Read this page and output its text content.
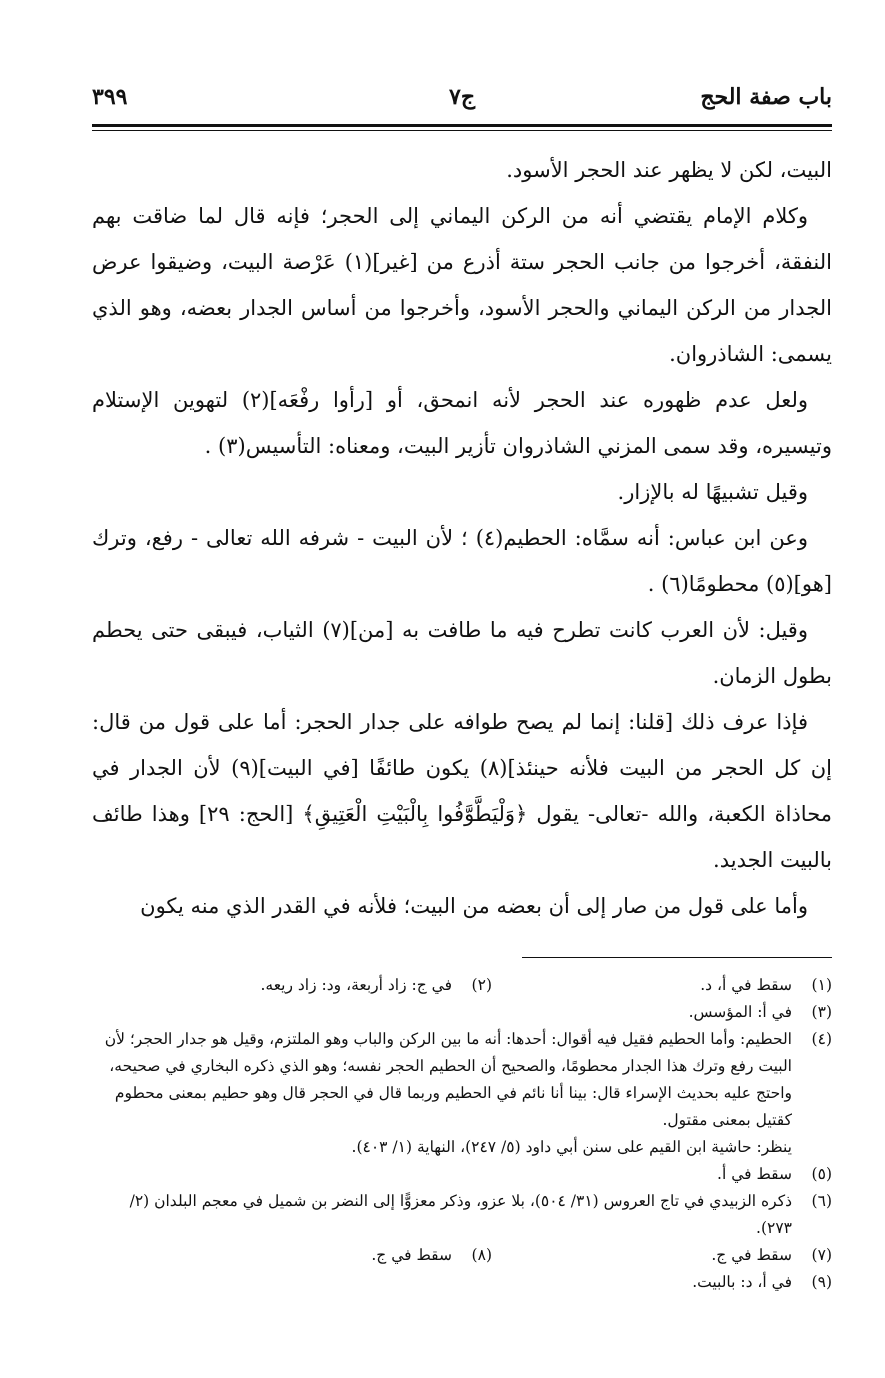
باب صفة الحج
ج٧
٣٩٩

البيت، لكن لا يظهر عند الحجر الأسود.

وكلام الإمام يقتضي أنه من الركن اليماني إلى الحجر؛ فإنه قال لما ضاقت بهم النفقة، أخرجوا من جانب الحجر ستة أذرع من [غير](١) عَرْصة البيت، وضيقوا عرض الجدار من الركن اليماني والحجر الأسود، وأخرجوا من أساس الجدار بعضه، وهو الذي يسمى: الشاذروان.

ولعل عدم ظهوره عند الحجر لأنه انمحق، أو [رأوا رفْعَه](٢) لتهوين الإستلام وتيسيره، وقد سمى المزني الشاذروان تأزير البيت، ومعناه: التأسيس(٣) .

وقيل تشبيهًا له بالإزار.

وعن ابن عباس: أنه سمَّاه: الحطيم(٤) ؛ لأن البيت - شرفه الله تعالى - رفع، وترك [هو](٥) محطومًا(٦) .

وقيل: لأن العرب كانت تطرح فيه ما طافت به [من](٧) الثياب، فيبقى حتى يحطم بطول الزمان.

فإذا عرف ذلك [قلنا: إنما لم يصح طوافه على جدار الحجر: أما على قول من قال: إن كل الحجر من البيت فلأنه حينئذ](٨) يكون طائفًا [في البيت](٩) لأن الجدار في محاذاة الكعبة، والله -تعالى- يقول ﴿وَلْيَطَّوَّفُوا بِالْبَيْتِ الْعَتِيقِ﴾ [الحج: ٢٩] وهذا طائف بالبيت الجديد.

وأما على قول من صار إلى أن بعضه من البيت؛ فلأنه في القدر الذي منه يكون

(١)
سقط في أ، د.
(٢)
في ج: زاد أربعة، ود: زاد ريعه.
(٣)
في أ: المؤسس.
(٤)
الحطيم: وأما الحطيم فقيل فيه أقوال: أحدها: أنه ما بين الركن والباب وهو الملتزم، وقيل هو جدار الحجر؛ لأن البيت رفع وترك هذا الجدار محطومًا، والصحيح أن الحطيم الحجر نفسه؛ وهو الذي ذكره البخاري في صحيحه، واحتج عليه بحديث الإسراء قال: بينا أنا نائم في الحطيم وربما قال في الحجر قال وهو حطيم بمعنى محطوم كقتيل بمعنى مقتول.
ينظر: حاشية ابن القيم على سنن أبي داود (٥/ ٢٤٧)، النهاية (١/ ٤٠٣).
(٥)
سقط في أ.
(٦)
ذكره الزبيدي في تاج العروس (٣١/ ٥٠٤)، بلا عزو، وذكر معزوًّا إلى النضر بن شميل في معجم البلدان (٢/ ٢٧٣).
(٧)
سقط في ج.
(٨)
سقط في ج.
(٩)
في أ، د: بالبيت.
